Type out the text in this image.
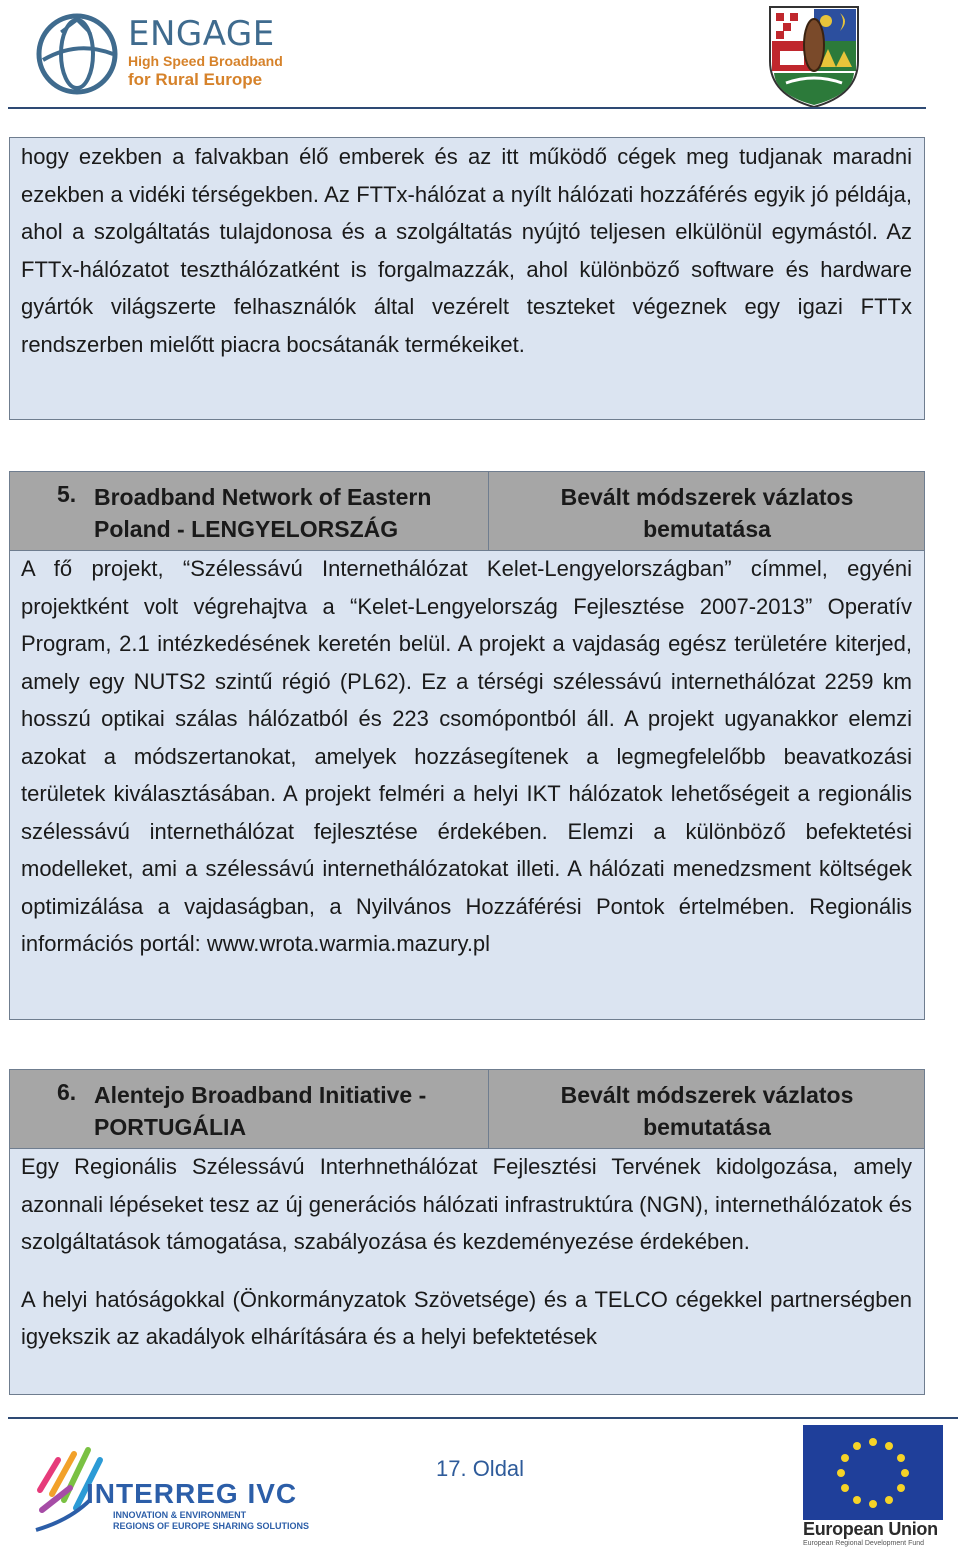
ENGAGE
High Speed Broadband
for Rural Europe

hogy ezekben a falvakban élő emberek és az itt működő cégek meg tudjanak maradni ezekben a vidéki térségekben. Az FTTx-hálózat a nyílt hálózati hozzáférés egyik jó példája, ahol a szolgáltatás tulajdonosa és a szolgáltatás nyújtó teljesen elkülönül egymástól. Az FTTx-hálózatot teszthálózatként is forgalmazzák, ahol különböző software és hardware gyártók világszerte felhasználók által vezérelt teszteket végeznek egy igazi FTTx rendszerben mielőtt piacra bocsátanák termékeiket.

5. Broadband Network of Eastern Poland - LENGYELORSZÁG
Bevált módszerek vázlatos bemutatása

A fő projekt, “Szélessávú Internethálózat Kelet-Lengyelországban” címmel, egyéni projektként volt végrehajtva a “Kelet-Lengyelország Fejlesztése 2007-2013” Operatív Program, 2.1 intézkedésének keretén belül. A projekt a vajdaság egész területére kiterjed, amely egy NUTS2 szintű régió (PL62). Ez a térségi szélessávú internethálózat 2259 km hosszú optikai szálas hálózatból és 223 csomópontból áll. A projekt ugyanakkor elemzi azokat a módszertanokat, amelyek hozzásegítenek a legmegfelelőbb beavatkozási területek kiválasztásában. A projekt felméri a helyi IKT hálózatok lehetőségeit a regionális szélessávú internethálózat fejlesztése érdekében. Elemzi a különböző befektetési modelleket, ami a szélessávú internethálózatokat illeti. A hálózati menedzsment költségek optimizálása a vajdaságban, a Nyilvános Hozzáférési Pontok értelmében. Regionális információs portál: www.wrota.warmia.mazury.pl

6. Alentejo Broadband Initiative - PORTUGÁLIA
Bevált módszerek vázlatos bemutatása

Egy Regionális Szélessávú Interhnethálózat Fejlesztési Tervének kidolgozása, amely azonnali lépéseket tesz az új generációs hálózati infrastruktúra (NGN), internethálózatok és szolgáltatások támogatása, szabályozása és kezdeményezése érdekében.

A helyi hatóságokkal (Önkormányzatok Szövetsége) és a TELCO cégekkel partnerségben igyekszik az akadályok elhárítására és a helyi befektetések

INTERREG IVC
INNOVATION & ENVIRONMENT
REGIONS OF EUROPE SHARING SOLUTIONS
17. Oldal
European Union
European Regional Development Fund
